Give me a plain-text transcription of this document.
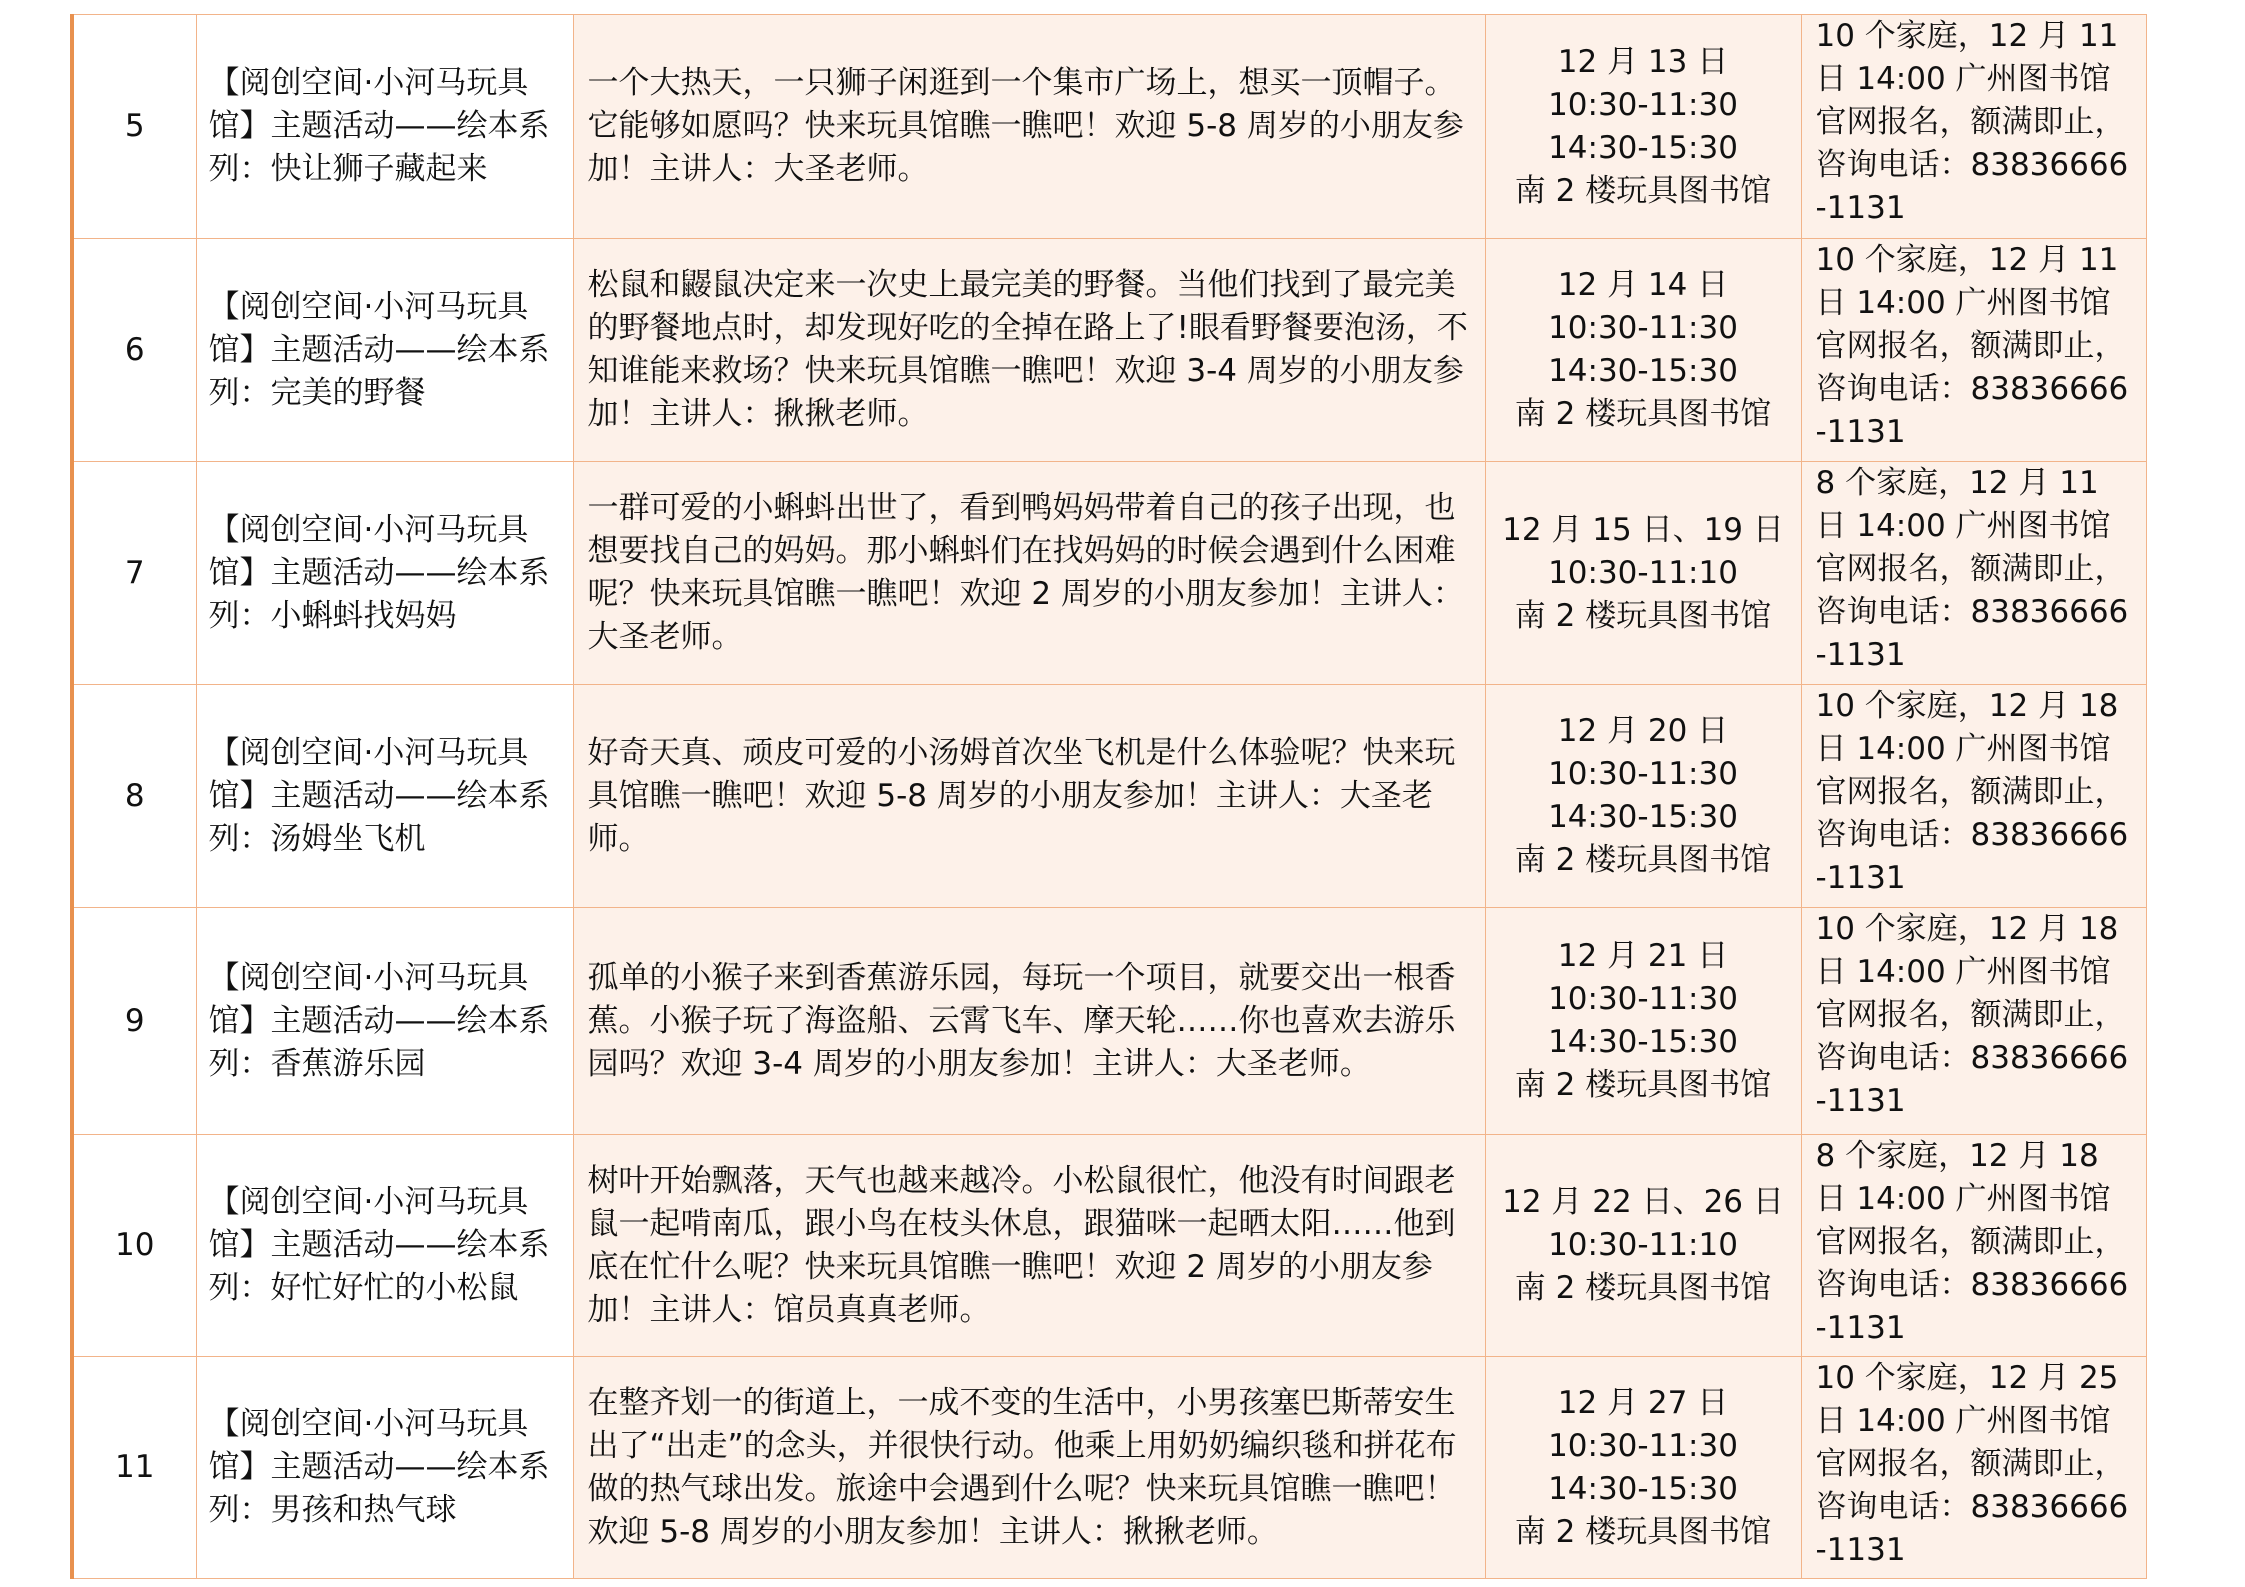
5	【阅创空间·小河马玩具馆】主题活动——绘本系列：快让狮子藏起来	一个大热天，一只狮子闲逛到一个集市广场上，想买一顶帽子。它能够如愿吗？快来玩具馆瞧一瞧吧！欢迎 5-8 周岁的小朋友参加！主讲人：大圣老师。	12 月 13 日
10:30-11:30
14:30-15:30
南 2 楼玩具图书馆	10 个家庭，12 月 11 日 14:00 广州图书馆官网报名，额满即止，咨询电话：83836666-1131

6	【阅创空间·小河马玩具馆】主题活动——绘本系列：完美的野餐	松鼠和鼹鼠决定来一次史上最完美的野餐。当他们找到了最完美的野餐地点时，却发现好吃的全掉在路上了!眼看野餐要泡汤，不知谁能来救场？快来玩具馆瞧一瞧吧！欢迎 3-4 周岁的小朋友参加！主讲人：揪揪老师。	12 月 14 日
10:30-11:30
14:30-15:30
南 2 楼玩具图书馆	10 个家庭，12 月 11 日 14:00 广州图书馆官网报名，额满即止，咨询电话：83836666-1131

7	【阅创空间·小河马玩具馆】主题活动——绘本系列：小蝌蚪找妈妈	一群可爱的小蝌蚪出世了，看到鸭妈妈带着自己的孩子出现，也想要找自己的妈妈。那小蝌蚪们在找妈妈的时候会遇到什么困难呢？快来玩具馆瞧一瞧吧！欢迎 2 周岁的小朋友参加！主讲人：大圣老师。	12 月 15 日、19 日
10:30-11:10
南 2 楼玩具图书馆	8 个家庭，12 月 11 日 14:00 广州图书馆官网报名，额满即止，咨询电话：83836666-1131

8	【阅创空间·小河马玩具馆】主题活动——绘本系列：汤姆坐飞机	好奇天真、顽皮可爱的小汤姆首次坐飞机是什么体验呢？快来玩具馆瞧一瞧吧！欢迎 5-8 周岁的小朋友参加！主讲人：大圣老师。	12 月 20 日
10:30-11:30
14:30-15:30
南 2 楼玩具图书馆	10 个家庭，12 月 18 日 14:00 广州图书馆官网报名，额满即止，咨询电话：83836666-1131

9	【阅创空间·小河马玩具馆】主题活动——绘本系列：香蕉游乐园	孤单的小猴子来到香蕉游乐园，每玩一个项目，就要交出一根香蕉。小猴子玩了海盗船、云霄飞车、摩天轮……你也喜欢去游乐园吗？欢迎 3-4 周岁的小朋友参加！主讲人：大圣老师。	12 月 21 日
10:30-11:30
14:30-15:30
南 2 楼玩具图书馆	10 个家庭，12 月 18 日 14:00 广州图书馆官网报名，额满即止，咨询电话：83836666-1131

10	【阅创空间·小河马玩具馆】主题活动——绘本系列：好忙好忙的小松鼠	树叶开始飘落，天气也越来越冷。小松鼠很忙，他没有时间跟老鼠一起啃南瓜，跟小鸟在枝头休息，跟猫咪一起晒太阳……他到底在忙什么呢？快来玩具馆瞧一瞧吧！欢迎 2 周岁的小朋友参加！主讲人：馆员真真老师。	12 月 22 日、26 日
10:30-11:10
南 2 楼玩具图书馆	8 个家庭，12 月 18 日 14:00 广州图书馆官网报名，额满即止，咨询电话：83836666-1131

11	【阅创空间·小河马玩具馆】主题活动——绘本系列：男孩和热气球	在整齐划一的街道上，一成不变的生活中，小男孩塞巴斯蒂安生出了“出走”的念头，并很快行动。他乘上用奶奶编织毯和拼花布做的热气球出发。旅途中会遇到什么呢？快来玩具馆瞧一瞧吧！欢迎 5-8 周岁的小朋友参加！主讲人：揪揪老师。	12 月 27 日
10:30-11:30
14:30-15:30
南 2 楼玩具图书馆	10 个家庭，12 月 25 日 14:00 广州图书馆官网报名，额满即止，咨询电话：83836666-1131
